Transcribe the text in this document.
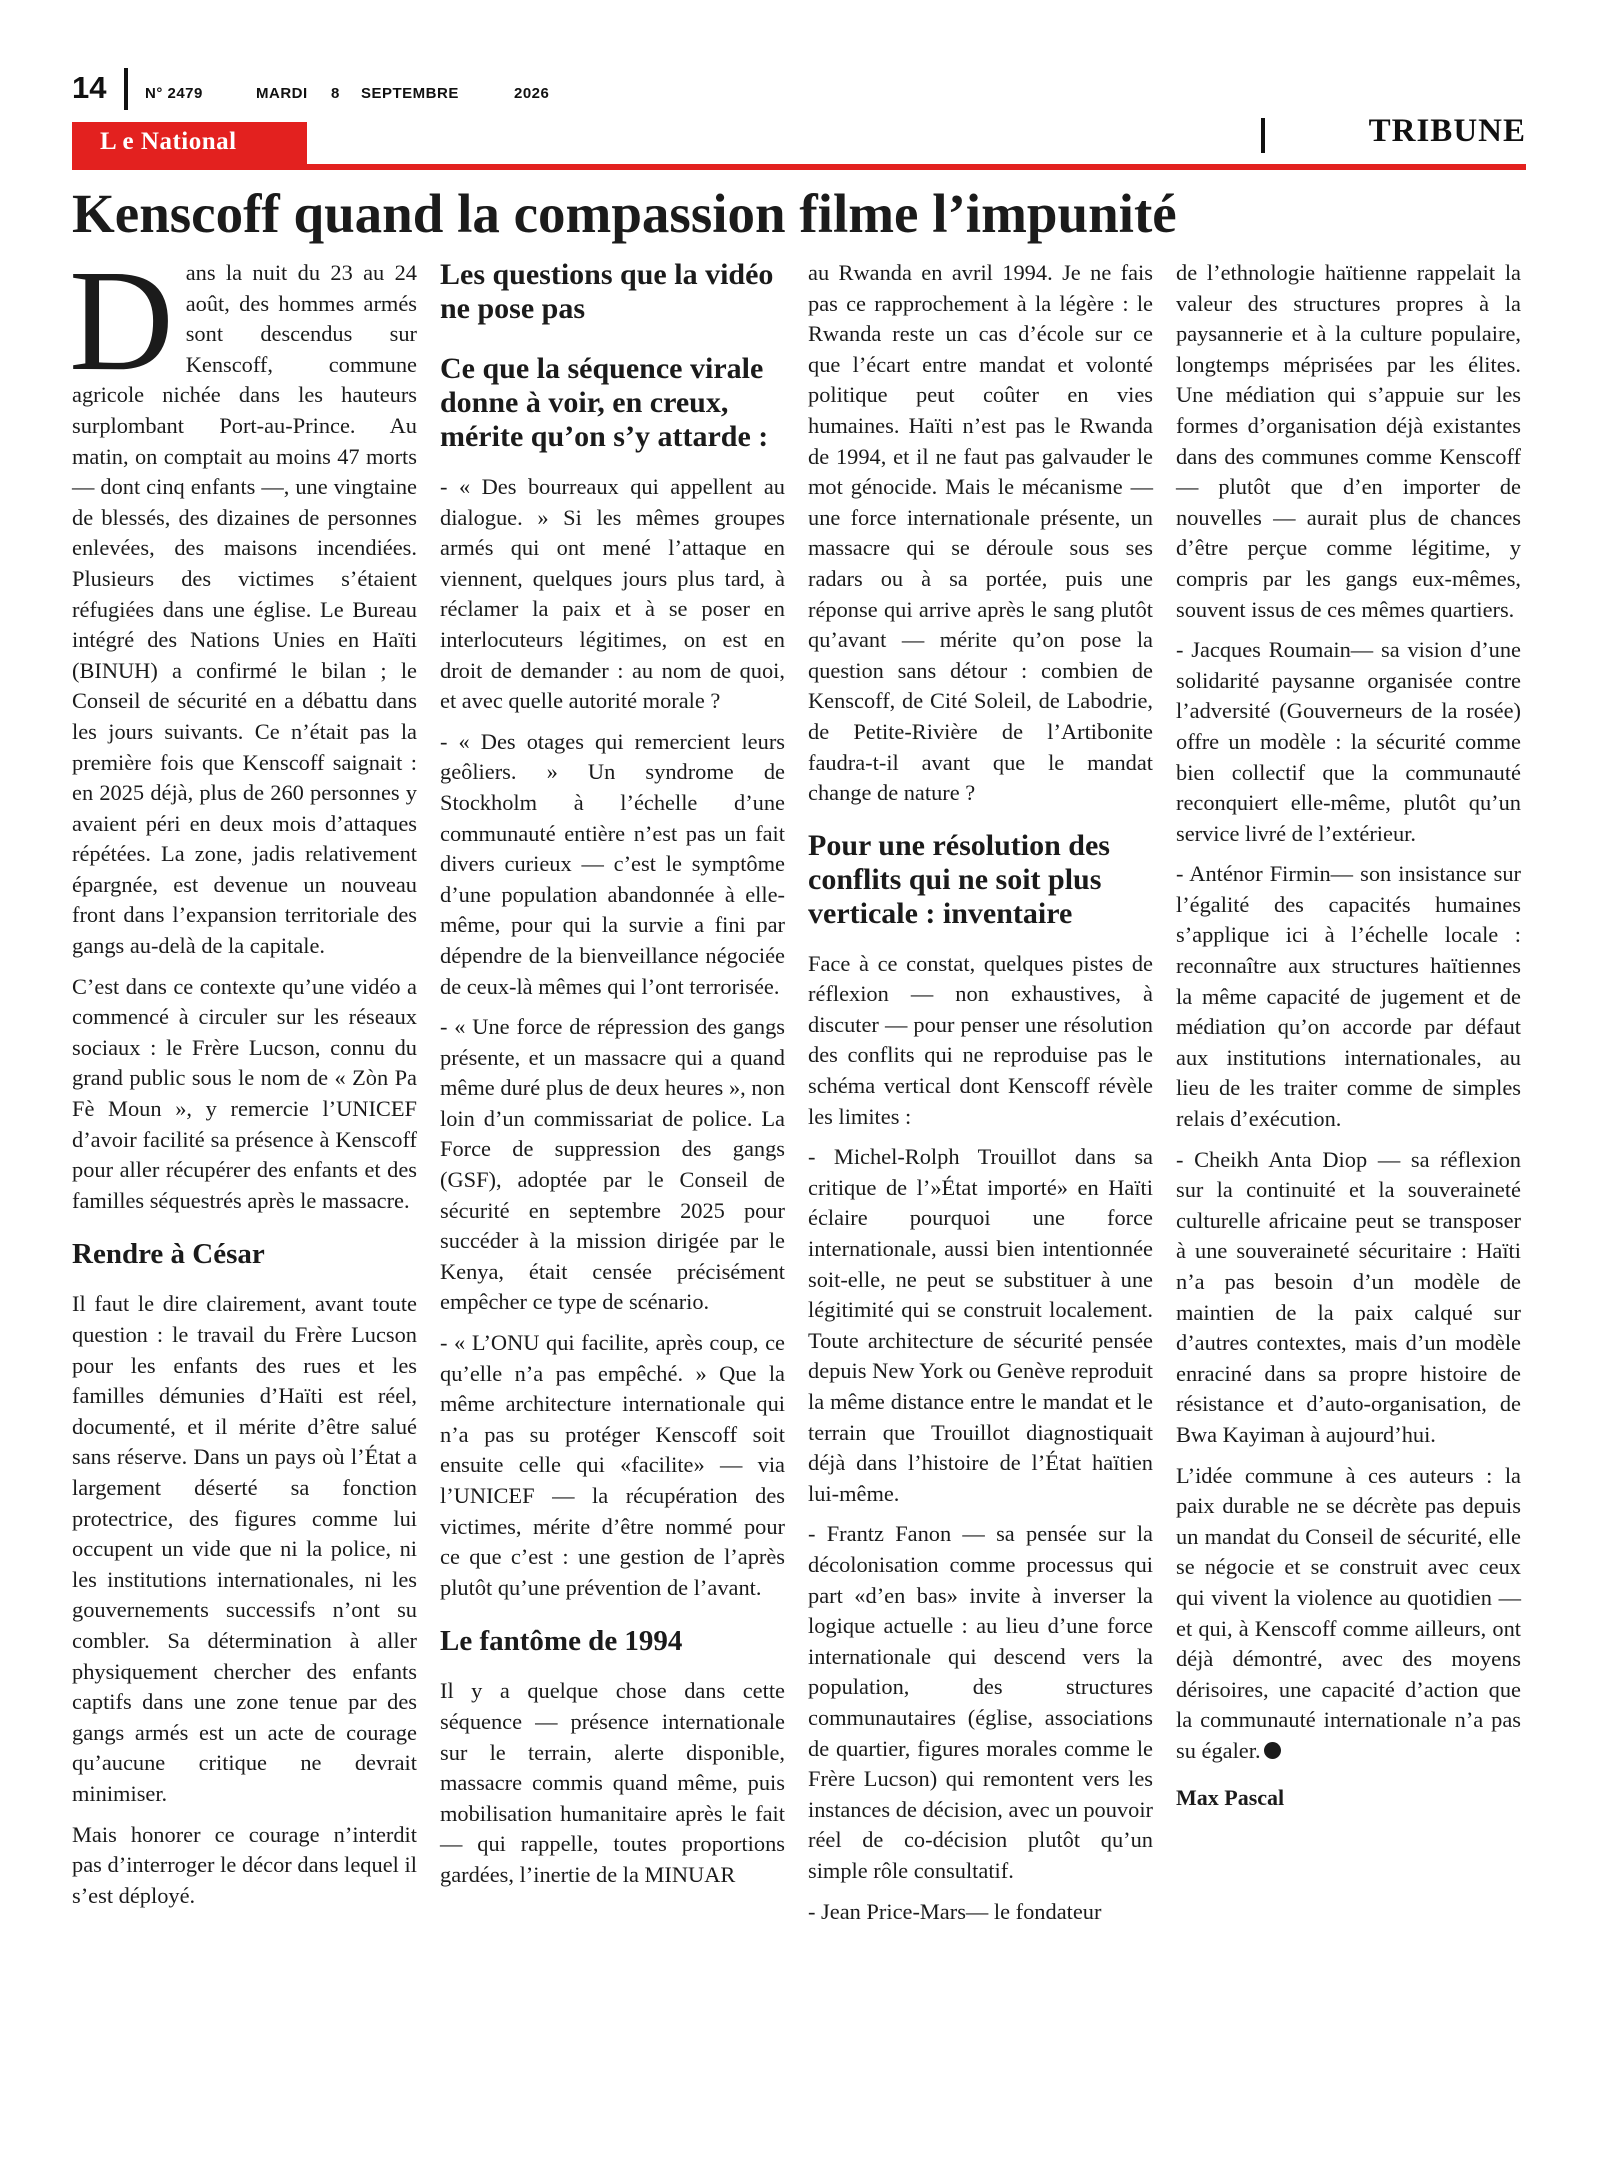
14	N° 2479	MARDI 8 SEPTEMBRE	2026
L e National	TRIBUNE
Kenscoff quand la compassion filme l’impunité

Dans la nuit du 23 au 24 août, des hommes armés sont descendus sur Kenscoff, commune agricole nichée dans les hauteurs surplombant Port-au-Prince. Au matin, on comptait au moins 47 morts — dont cinq enfants —, une vingtaine de blessés, des dizaines de personnes enlevées, des maisons incendiées. Plusieurs des victimes s’étaient réfugiées dans une église. Le Bureau intégré des Nations Unies en Haïti (BINUH) a confirmé le bilan ; le Conseil de sécurité en a débattu dans les jours suivants. Ce n’était pas la première fois que Kenscoff saignait : en 2025 déjà, plus de 260 personnes y avaient péri en deux mois d’attaques répétées. La zone, jadis relativement épargnée, est devenue un nouveau front dans l’expansion territoriale des gangs au-delà de la capitale.

C’est dans ce contexte qu’une vidéo a commencé à circuler sur les réseaux sociaux : le Frère Lucson, connu du grand public sous le nom de « Zòn Pa Fè Moun », y remercie l’UNICEF d’avoir facilité sa présence à Kenscoff pour aller récupérer des enfants et des familles séquestrés après le massacre.

Rendre à César

Il faut le dire clairement, avant toute question : le travail du Frère Lucson pour les enfants des rues et les familles démunies d’Haïti est réel, documenté, et il mérite d’être salué sans réserve. Dans un pays où l’État a largement déserté sa fonction protectrice, des figures comme lui occupent un vide que ni la police, ni les institutions internationales, ni les gouvernements successifs n’ont su combler. Sa détermination à aller physiquement chercher des enfants captifs dans une zone tenue par des gangs armés est un acte de courage qu’aucune critique ne devrait minimiser.

Mais honorer ce courage n’interdit pas d’interroger le décor dans lequel il s’est déployé.

Les questions que la vidéo ne pose pas
Ce que la séquence virale donne à voir, en creux, mérite qu’on s’y attarde :

- « Des bourreaux qui appellent au dialogue. » Si les mêmes groupes armés qui ont mené l’attaque en viennent, quelques jours plus tard, à réclamer la paix et à se poser en interlocuteurs légitimes, on est en droit de demander : au nom de quoi, et avec quelle autorité morale ?

- « Des otages qui remercient leurs geôliers. » Un syndrome de Stockholm à l’échelle d’une communauté entière n’est pas un fait divers curieux — c’est le symptôme d’une population abandonnée à elle-même, pour qui la survie a fini par dépendre de la bienveillance négociée de ceux-là mêmes qui l’ont terrorisée.

- « Une force de répression des gangs présente, et un massacre qui a quand même duré plus de deux heures », non loin d’un commissariat de police. La Force de suppression des gangs (GSF), adoptée par le Conseil de sécurité en septembre 2025 pour succéder à la mission dirigée par le Kenya, était censée précisément empêcher ce type de scénario.

- « L’ONU qui facilite, après coup, ce qu’elle n’a pas empêché. » Que la même architecture internationale qui n’a pas su protéger Kenscoff soit ensuite celle qui «facilite» — via l’UNICEF — la récupération des victimes, mérite d’être nommé pour ce que c’est : une gestion de l’après plutôt qu’une prévention de l’avant.

Le fantôme de 1994

Il y a quelque chose dans cette séquence — présence internationale sur le terrain, alerte disponible, massacre commis quand même, puis mobilisation humanitaire après le fait — qui rappelle, toutes proportions gardées, l’inertie de la MINUAR

au Rwanda en avril 1994. Je ne fais pas ce rapprochement à la légère : le Rwanda reste un cas d’école sur ce que l’écart entre mandat et volonté politique peut coûter en vies humaines. Haïti n’est pas le Rwanda de 1994, et il ne faut pas galvauder le mot génocide. Mais le mécanisme — une force internationale présente, un massacre qui se déroule sous ses radars ou à sa portée, puis une réponse qui arrive après le sang plutôt qu’avant — mérite qu’on pose la question sans détour : combien de Kenscoff, de Cité Soleil, de Labodrie, de Petite-Rivière de l’Artibonite faudra-t-il avant que le mandat change de nature ?

Pour une résolution des conflits qui ne soit plus verticale : inventaire

Face à ce constat, quelques pistes de réflexion — non exhaustives, à discuter — pour penser une résolution des conflits qui ne reproduise pas le schéma vertical dont Kenscoff révèle les limites :

- Michel-Rolph Trouillot dans sa critique de l’»État importé» en Haïti éclaire pourquoi une force internationale, aussi bien intentionnée soit-elle, ne peut se substituer à une légitimité qui se construit localement. Toute architecture de sécurité pensée depuis New York ou Genève reproduit la même distance entre le mandat et le terrain que Trouillot diagnostiquait déjà dans l’histoire de l’État haïtien lui-même.

- Frantz Fanon — sa pensée sur la décolonisation comme processus qui part «d’en bas» invite à inverser la logique actuelle : au lieu d’une force internationale qui descend vers la population, des structures communautaires (église, associations de quartier, figures morales comme le Frère Lucson) qui remontent vers les instances de décision, avec un pouvoir réel de co-décision plutôt qu’un simple rôle consultatif.

- Jean Price-Mars— le fondateur

de l’ethnologie haïtienne rappelait la valeur des structures propres à la paysannerie et à la culture populaire, longtemps méprisées par les élites. Une médiation qui s’appuie sur les formes d’organisation déjà existantes dans des communes comme Kenscoff — plutôt que d’en importer de nouvelles — aurait plus de chances d’être perçue comme légitime, y compris par les gangs eux-mêmes, souvent issus de ces mêmes quartiers.

- Jacques Roumain— sa vision d’une solidarité paysanne organisée contre l’adversité (Gouverneurs de la rosée) offre un modèle : la sécurité comme bien collectif que la communauté reconquiert elle-même, plutôt qu’un service livré de l’extérieur.

- Anténor Firmin— son insistance sur l’égalité des capacités humaines s’applique ici à l’échelle locale : reconnaître aux structures haïtiennes la même capacité de jugement et de médiation qu’on accorde par défaut aux institutions internationales, au lieu de les traiter comme de simples relais d’exécution.

- Cheikh Anta Diop — sa réflexion sur la continuité et la souveraineté culturelle africaine peut se transposer à une souveraineté sécuritaire : Haïti n’a pas besoin d’un modèle de maintien de la paix calqué sur d’autres contextes, mais d’un modèle enraciné dans sa propre histoire de résistance et d’auto-organisation, de Bwa Kayiman à aujourd’hui.

L’idée commune à ces auteurs : la paix durable ne se décrète pas depuis un mandat du Conseil de sécurité, elle se négocie et se construit avec ceux qui vivent la violence au quotidien — et qui, à Kenscoff comme ailleurs, ont déjà démontré, avec des moyens dérisoires, une capacité d’action que la communauté internationale n’a pas su égaler.

Max Pascal
